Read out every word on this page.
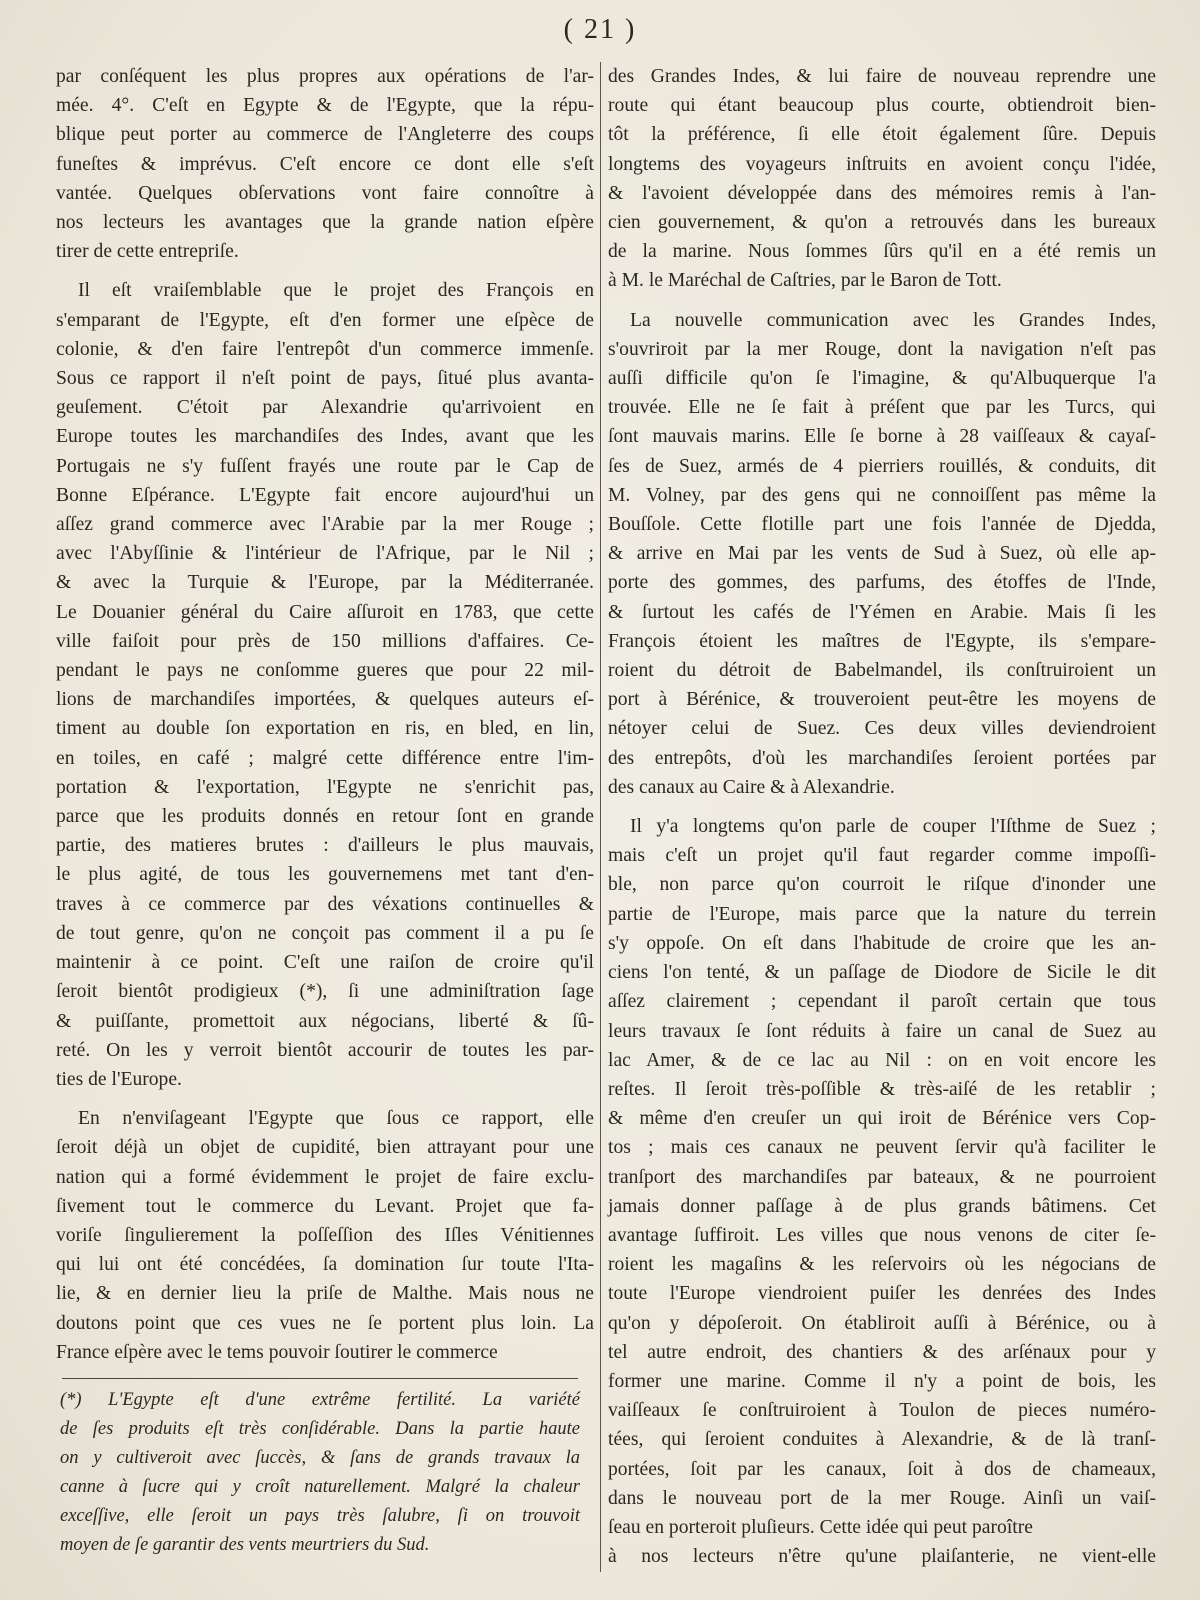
( 21 )
par conſéquent les plus propres aux opérations de l'ar-
mée. 4°. C'eſt en Egypte & de l'Egypte, que la répu-
blique peut porter au commerce de l'Angleterre des coups
funeſtes & imprévus. C'eſt encore ce dont elle s'eſt
vantée. Quelques obſervations vont faire connoître à
nos lecteurs les avantages que la grande nation eſpère
tirer de cette entrepriſe.
Il eſt vraiſemblable que le projet des François en
s'emparant de l'Egypte, eſt d'en former une eſpèce de
colonie, & d'en faire l'entrepôt d'un commerce immenſe.
Sous ce rapport il n'eſt point de pays, ſitué plus avanta-
geuſement. C'étoit par Alexandrie qu'arrivoient en
Europe toutes les marchandiſes des Indes, avant que les
Portugais ne s'y fuſſent frayés une route par le Cap de
Bonne Eſpérance. L'Egypte fait encore aujourd'hui un
aſſez grand commerce avec l'Arabie par la mer Rouge ;
avec l'Abyſſinie & l'intérieur de l'Afrique, par le Nil ;
& avec la Turquie & l'Europe, par la Méditerranée.
Le Douanier général du Caire aſſuroit en 1783, que cette
ville faiſoit pour près de 150 millions d'affaires. Ce-
pendant le pays ne conſomme gueres que pour 22 mil-
lions de marchandiſes importées, & quelques auteurs eſ-
timent au double ſon exportation en ris, en bled, en lin,
en toiles, en café ; malgré cette différence entre l'im-
portation & l'exportation, l'Egypte ne s'enrichit pas,
parce que les produits donnés en retour ſont en grande
partie, des matieres brutes : d'ailleurs le plus mauvais,
le plus agité, de tous les gouvernemens met tant d'en-
traves à ce commerce par des véxations continuelles &
de tout genre, qu'on ne conçoit pas comment il a pu ſe
maintenir à ce point. C'eſt une raiſon de croire qu'il
ſeroit bientôt prodigieux (*), ſi une adminiſtration ſage
& puiſſante, promettoit aux négocians, liberté & ſû-
reté. On les y verroit bientôt accourir de toutes les par-
ties de l'Europe.
En n'enviſageant l'Egypte que ſous ce rapport, elle
ſeroit déjà un objet de cupidité, bien attrayant pour une
nation qui a formé évidemment le projet de faire exclu-
ſivement tout le commerce du Levant. Projet que fa-
voriſe ſingulierement la poſſeſſion des Iſles Vénitiennes
qui lui ont été concédées, ſa domination ſur toute l'Ita-
lie, & en dernier lieu la priſe de Malthe. Mais nous ne
doutons point que ces vues ne ſe portent plus loin. La
France eſpère avec le tems pouvoir ſoutirer le commerce
des Grandes Indes, & lui faire de nouveau reprendre une
route qui étant beaucoup plus courte, obtiendroit bien-
tôt la préférence, ſi elle étoit également ſûre. Depuis
longtems des voyageurs inſtruits en avoient conçu l'idée,
& l'avoient développée dans des mémoires remis à l'an-
cien gouvernement, & qu'on a retrouvés dans les bureaux
de la marine. Nous ſommes ſûrs qu'il en a été remis un
à M. le Maréchal de Caſtries, par le Baron de Tott.
La nouvelle communication avec les Grandes Indes,
s'ouvriroit par la mer Rouge, dont la navigation n'eſt pas
auſſi difficile qu'on ſe l'imagine, & qu'Albuquerque l'a
trouvée. Elle ne ſe fait à préſent que par les Turcs, qui
ſont mauvais marins. Elle ſe borne à 28 vaiſſeaux & cayaſ-
ſes de Suez, armés de 4 pierriers rouillés, & conduits, dit
M. Volney, par des gens qui ne connoiſſent pas même la
Bouſſole. Cette flotille part une fois l'année de Djedda,
& arrive en Mai par les vents de Sud à Suez, où elle ap-
porte des gommes, des parfums, des étoffes de l'Inde,
& ſurtout les cafés de l'Yémen en Arabie. Mais ſi les
François étoient les maîtres de l'Egypte, ils s'empare-
roient du détroit de Babelmandel, ils conſtruiroient un
port à Bérénice, & trouveroient peut-être les moyens de
nétoyer celui de Suez. Ces deux villes deviendroient
des entrepôts, d'où les marchandiſes ſeroient portées par
des canaux au Caire & à Alexandrie.
Il y'a longtems qu'on parle de couper l'Iſthme de Suez ;
mais c'eſt un projet qu'il faut regarder comme impoſſi-
ble, non parce qu'on courroit le riſque d'inonder une
partie de l'Europe, mais parce que la nature du terrein
s'y oppoſe. On eſt dans l'habitude de croire que les an-
ciens l'on tenté, & un paſſage de Diodore de Sicile le dit
aſſez clairement ; cependant il paroît certain que tous
leurs travaux ſe ſont réduits à faire un canal de Suez au
lac Amer, & de ce lac au Nil : on en voit encore les
reſtes. Il ſeroit très-poſſible & très-aiſé de les retablir ;
& même d'en creuſer un qui iroit de Bérénice vers Cop-
tos ; mais ces canaux ne peuvent ſervir qu'à faciliter le
tranſport des marchandiſes par bateaux, & ne pourroient
jamais donner paſſage à de plus grands bâtimens. Cet
avantage ſuffiroit. Les villes que nous venons de citer ſe-
roient les magaſins & les reſervoirs où les négocians de
toute l'Europe viendroient puiſer les denrées des Indes
qu'on y dépoſeroit. On établiroit auſſi à Bérénice, ou à
tel autre endroit, des chantiers & des arſénaux pour y
former une marine. Comme il n'y a point de bois, les
vaiſſeaux ſe conſtruiroient à Toulon de pieces numéro-
tées, qui ſeroient conduites à Alexandrie, & de là tranſ-
portées, ſoit par les canaux, ſoit à dos de chameaux,
dans le nouveau port de la mer Rouge. Ainſi un vaiſ-
ſeau en porteroit pluſieurs. Cette idée qui peut paroître
à nos lecteurs n'être qu'une plaiſanterie, ne vient-elle
(*) L'Egypte eſt d'une extrême fertilité. La variété
de ſes produits eſt très conſidérable. Dans la partie haute
on y cultiveroit avec ſuccès, & ſans de grands travaux la
canne à ſucre qui y croît naturellement. Malgré la chaleur
exceſſive, elle ſeroit un pays très ſalubre, ſi on trouvoit
moyen de ſe garantir des vents meurtriers du Sud.
